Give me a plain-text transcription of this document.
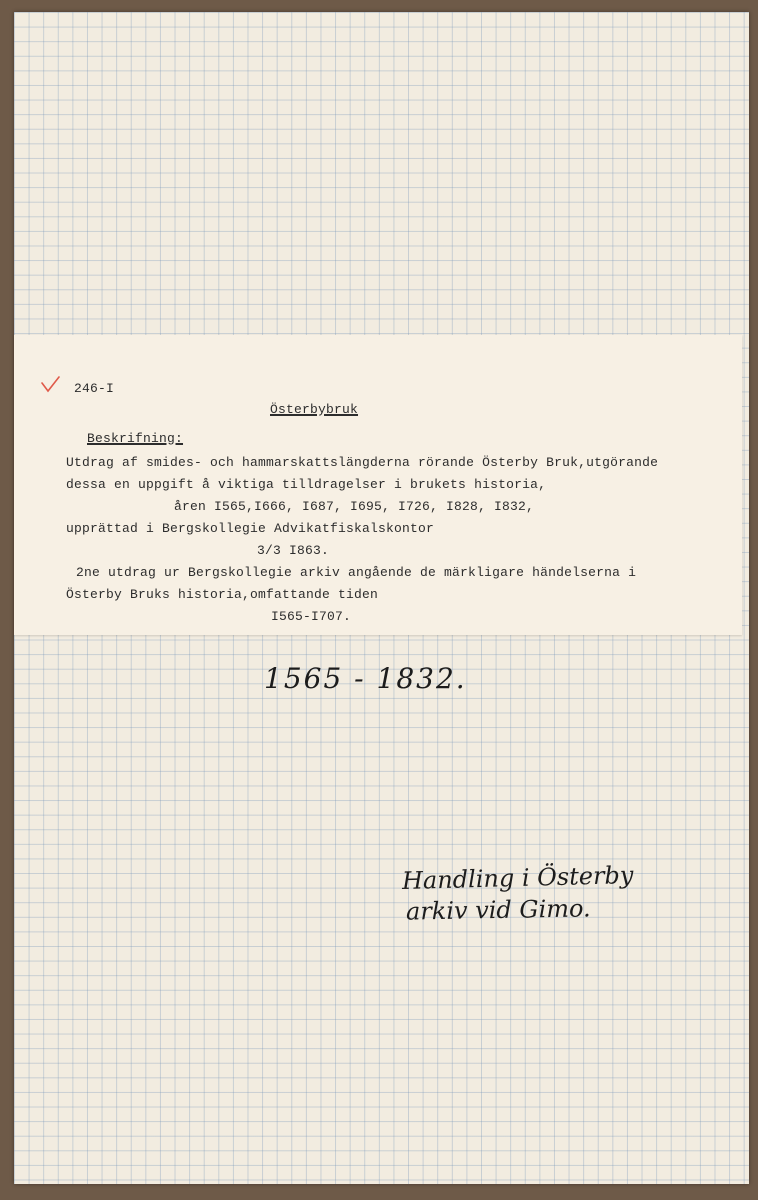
246-I

Österbybruk

Beskrifning:

Utdrag af smides- och hammarskattslängderna rörande Österby Bruk,utgörande

dessa en uppgift å viktiga tilldragelser i brukets historia,

åren I565,I666, I687, I695, I726, I828, I832,

upprättad i Bergskollegie Advikatfiskalskontor

3/3 I863.

2ne utdrag ur Bergskollegie arkiv angående de märkligare händelserna i

Österby Bruks historia,omfattande tiden

I565-I707.

1565 - 1832.

Handling i Österby

arkiv vid Gimo.
